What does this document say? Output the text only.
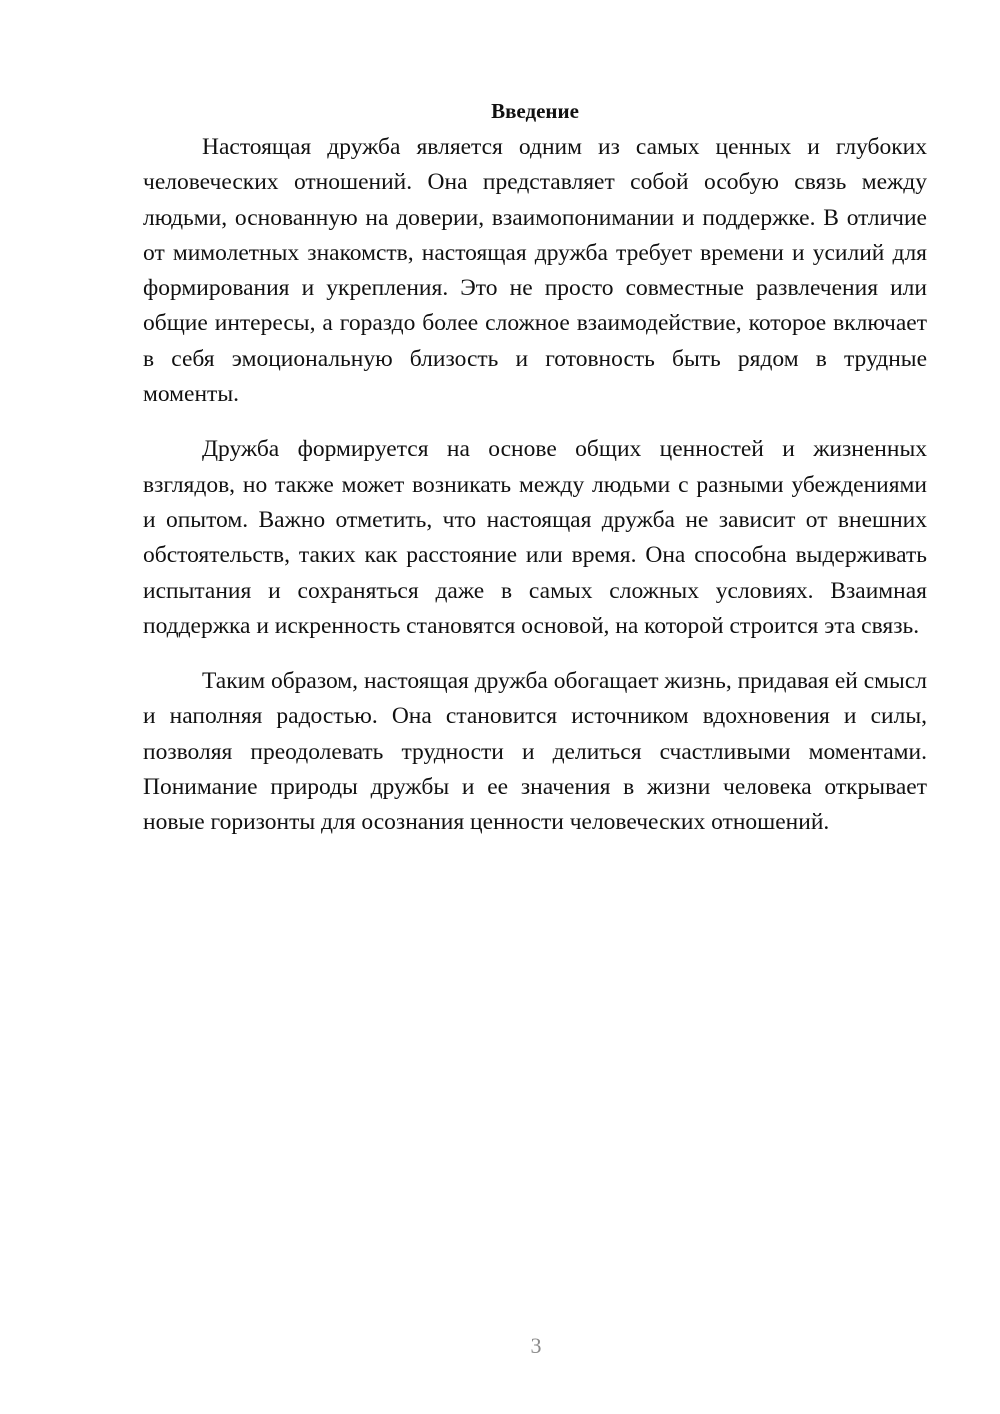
Введение

Настоящая дружба является одним из самых ценных и глубоких человеческих отношений. Она представляет собой особую связь между людьми, основанную на доверии, взаимопонимании и поддержке. В отличие от мимолетных знакомств, настоящая дружба требует времени и усилий для формирования и укрепления. Это не просто совместные развлечения или общие интересы, а гораздо более сложное взаимодействие, которое включает в себя эмоциональную близость и готовность быть рядом в трудные моменты.

Дружба формируется на основе общих ценностей и жизненных взглядов, но также может возникать между людьми с разными убеждениями и опытом. Важно отметить, что настоящая дружба не зависит от внешних обстоятельств, таких как расстояние или время. Она способна выдерживать испытания и сохраняться даже в самых сложных условиях. Взаимная поддержка и искренность становятся основой, на которой строится эта связь.

Таким образом, настоящая дружба обогащает жизнь, придавая ей смысл и наполняя радостью. Она становится источником вдохновения и силы, позволяя преодолевать трудности и делиться счастливыми моментами. Понимание природы дружбы и ее значения в жизни человека открывает новые горизонты для осознания ценности человеческих отношений.

3
